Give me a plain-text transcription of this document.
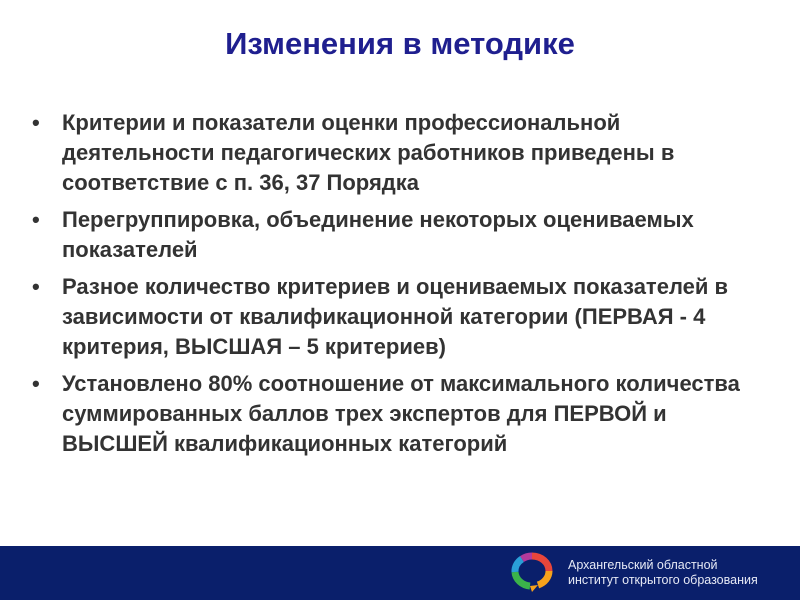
Изменения в методике
• Критерии и показатели оценки профессиональной деятельности педагогических работников приведены в соответствие с п. 36, 37 Порядка
• Перегруппировка, объединение некоторых оцениваемых показателей
• Разное количество критериев и оцениваемых показателей в зависимости от квалификационной категории (ПЕРВАЯ - 4 критерия, ВЫСШАЯ – 5 критериев)
• Установлено 80% соотношение от максимального количества суммированных баллов трех экспертов для ПЕРВОЙ и ВЫСШЕЙ квалификационных категорий
Архангельский областной
институт открытого образования
